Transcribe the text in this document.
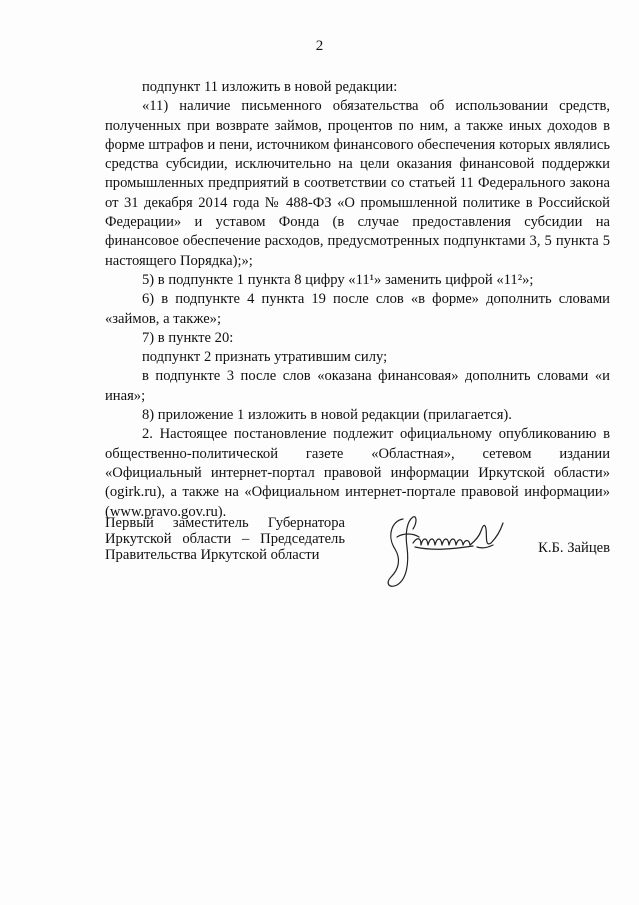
2

подпункт 11 изложить в новой редакции:

«11) наличие письменного обязательства об использовании средств, полученных при возврате займов, процентов по ним, а также иных доходов в форме штрафов и пени, источником финансового обеспечения которых являлись средства субсидии, исключительно на цели оказания финансовой поддержки промышленных предприятий в соответствии со статьей 11 Федерального закона от 31 декабря 2014 года № 488-ФЗ «О промышленной политике в Российской Федерации» и уставом Фонда (в случае предоставления субсидии на финансовое обеспечение расходов, предусмотренных подпунктами 3, 5 пункта 5 настоящего Порядка);»;

5) в подпункте 1 пункта 8 цифру «11¹» заменить цифрой «11²»;

6) в подпункте 4 пункта 19 после слов «в форме» дополнить словами «займов, а также»;

7) в пункте 20:

подпункт 2 признать утратившим силу;

в подпункте 3 после слов «оказана финансовая» дополнить словами «и иная»;

8) приложение 1 изложить в новой редакции (прилагается).

2. Настоящее постановление подлежит официальному опубликованию в общественно-политической газете «Областная», сетевом издании «Официальный интернет-портал правовой информации Иркутской области» (ogirk.ru), а также на «Официальном интернет-портале правовой информации» (www.pravo.gov.ru).

Первый заместитель Губернатора
Иркутской области – Председатель
Правительства Иркутской области	К.Б. Зайцев
